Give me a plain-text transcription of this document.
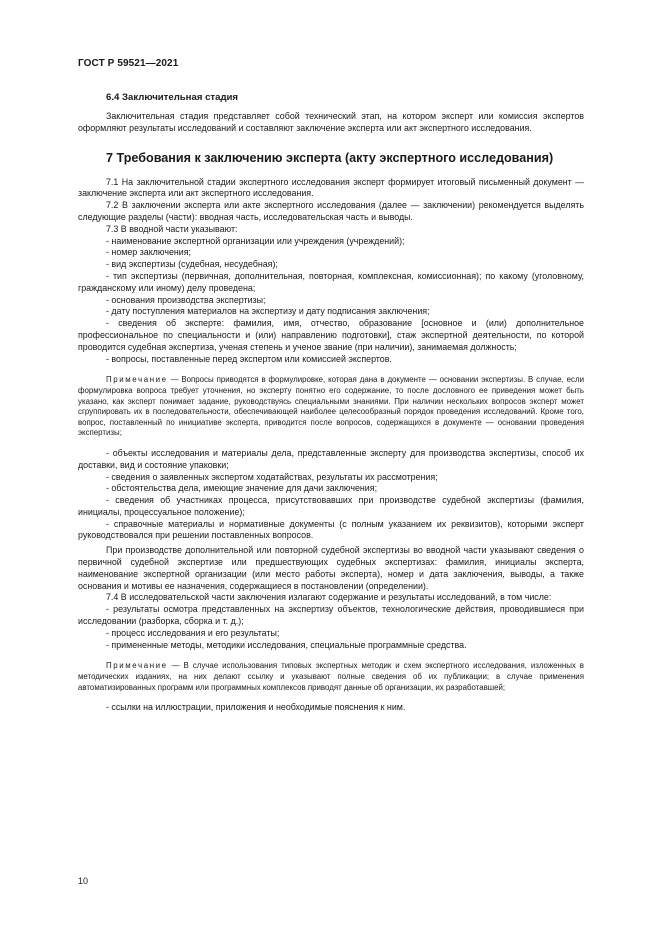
ГОСТ Р 59521—2021
6.4 Заключительная стадия

Заключительная стадия представляет собой технический этап, на котором эксперт или комиссия экспертов оформляют результаты исследований и составляют заключение эксперта или акт экспертного исследования.

7 Требования к заключению эксперта (акту экспертного исследования)

7.1 На заключительной стадии экспертного исследования эксперт формирует итоговый письменный документ — заключение эксперта или акт экспертного исследования.

7.2 В заключении эксперта или акте экспертного исследования (далее — заключении) рекомендуется выделять следующие разделы (части): вводная часть, исследовательская часть и выводы.

7.3 В вводной части указывают:

- наименование экспертной организации или учреждения (учреждений);

- номер заключения;

- вид экспертизы (судебная, несудебная);

- тип экспертизы (первичная, дополнительная, повторная, комплексная, комиссионная); по какому (уголовному, гражданскому или иному) делу проведена;

- основания производства экспертизы;

- дату поступления материалов на экспертизу и дату подписания заключения;

- сведения об эксперте: фамилия, имя, отчество, образование [основное и (или) дополнительное профессиональное по специальности и (или) направлению подготовки], стаж экспертной деятельности, по которой проводится судебная экспертиза, ученая степень и ученое звание (при наличии), занимаемая должность;

- вопросы, поставленные перед экспертом или комиссией экспертов.

Примечание — Вопросы приводятся в формулировке, которая дана в документе — основании экспертизы. В случае, если формулировка вопроса требует уточнения, но эксперту понятно его содержание, то после дословного ее приведения может быть указано, как эксперт понимает задание, руководствуясь специальными знаниями. При наличии нескольких вопросов эксперт может сгруппировать их в последовательности, обеспечивающей наиболее целесообразный порядок проведения исследований. Кроме того, вопрос, поставленный по инициативе эксперта, приводится после вопросов, содержащихся в документе — основании проведения экспертизы;

- объекты исследования и материалы дела, представленные эксперту для производства экспертизы, способ их доставки, вид и состояние упаковки;

- сведения о заявленных экспертом ходатайствах, результаты их рассмотрения;

- обстоятельства дела, имеющие значение для дачи заключения;

- сведения об участниках процесса, присутствовавших при производстве судебной экспертизы (фамилия, инициалы, процессуальное положение);

- справочные материалы и нормативные документы (с полным указанием их реквизитов), которыми эксперт руководствовался при решении поставленных вопросов.

При производстве дополнительной или повторной судебной экспертизы во вводной части указывают сведения о первичной судебной экспертизе или предшествующих судебных экспертизах: фамилия, инициалы эксперта, наименование экспертной организации (или место работы эксперта), номер и дата заключения, выводы, а также основания и мотивы ее назначения, содержащиеся в постановлении (определении).

7.4 В исследовательской части заключения излагают содержание и результаты исследований, в том числе:

- результаты осмотра представленных на экспертизу объектов, технологические действия, проводившиеся при исследовании (разборка, сборка и т. д.);

- процесс исследования и его результаты;

- примененные методы, методики исследования, специальные программные средства.

Примечание — В случае использования типовых экспертных методик и схем экспертного исследования, изложенных в методических изданиях, на них делают ссылку и указывают полные сведения об их публикации; в случае применения автоматизированных программ или программных комплексов приводят данные об организации, их разработавшей;

- ссылки на иллюстрации, приложения и необходимые пояснения к ним.

10
